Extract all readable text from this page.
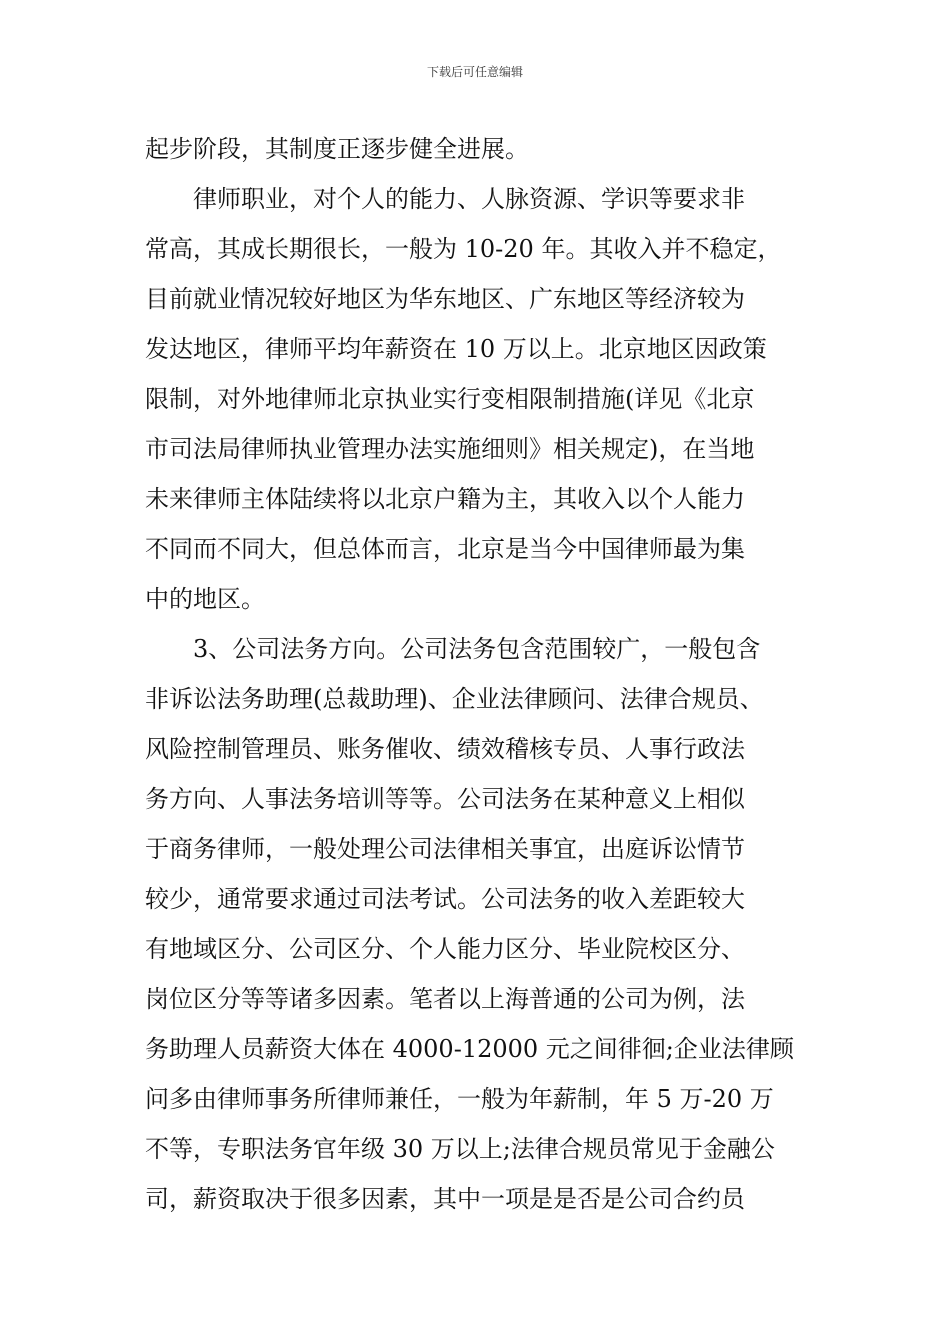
下载后可任意编辑
起步阶段，其制度正逐步健全进展。
　　律师职业，对个人的能力、人脉资源、学识等要求非
常高，其成长期很长，一般为 10-20 年。其收入并不稳定，
目前就业情况较好地区为华东地区、广东地区等经济较为
发达地区，律师平均年薪资在 10 万以上。北京地区因政策
限制，对外地律师北京执业实行变相限制措施(详见《北京
市司法局律师执业管理办法实施细则》相关规定)，在当地
未来律师主体陆续将以北京户籍为主，其收入以个人能力
不同而不同大，但总体而言，北京是当今中国律师最为集
中的地区。
　　3、公司法务方向。公司法务包含范围较广，一般包含
非诉讼法务助理(总裁助理)、企业法律顾问、法律合规员、
风险控制管理员、账务催收、绩效稽核专员、人事行政法
务方向、人事法务培训等等。公司法务在某种意义上相似
于商务律师，一般处理公司法律相关事宜，出庭诉讼情节
较少，通常要求通过司法考试。公司法务的收入差距较大
有地域区分、公司区分、个人能力区分、毕业院校区分、
岗位区分等等诸多因素。笔者以上海普通的公司为例，法
务助理人员薪资大体在 4000-12000 元之间徘徊;企业法律顾
问多由律师事务所律师兼任，一般为年薪制，年 5 万-20 万
不等，专职法务官年级 30 万以上;法律合规员常见于金融公
司，薪资取决于很多因素，其中一项是是否是公司合约员
